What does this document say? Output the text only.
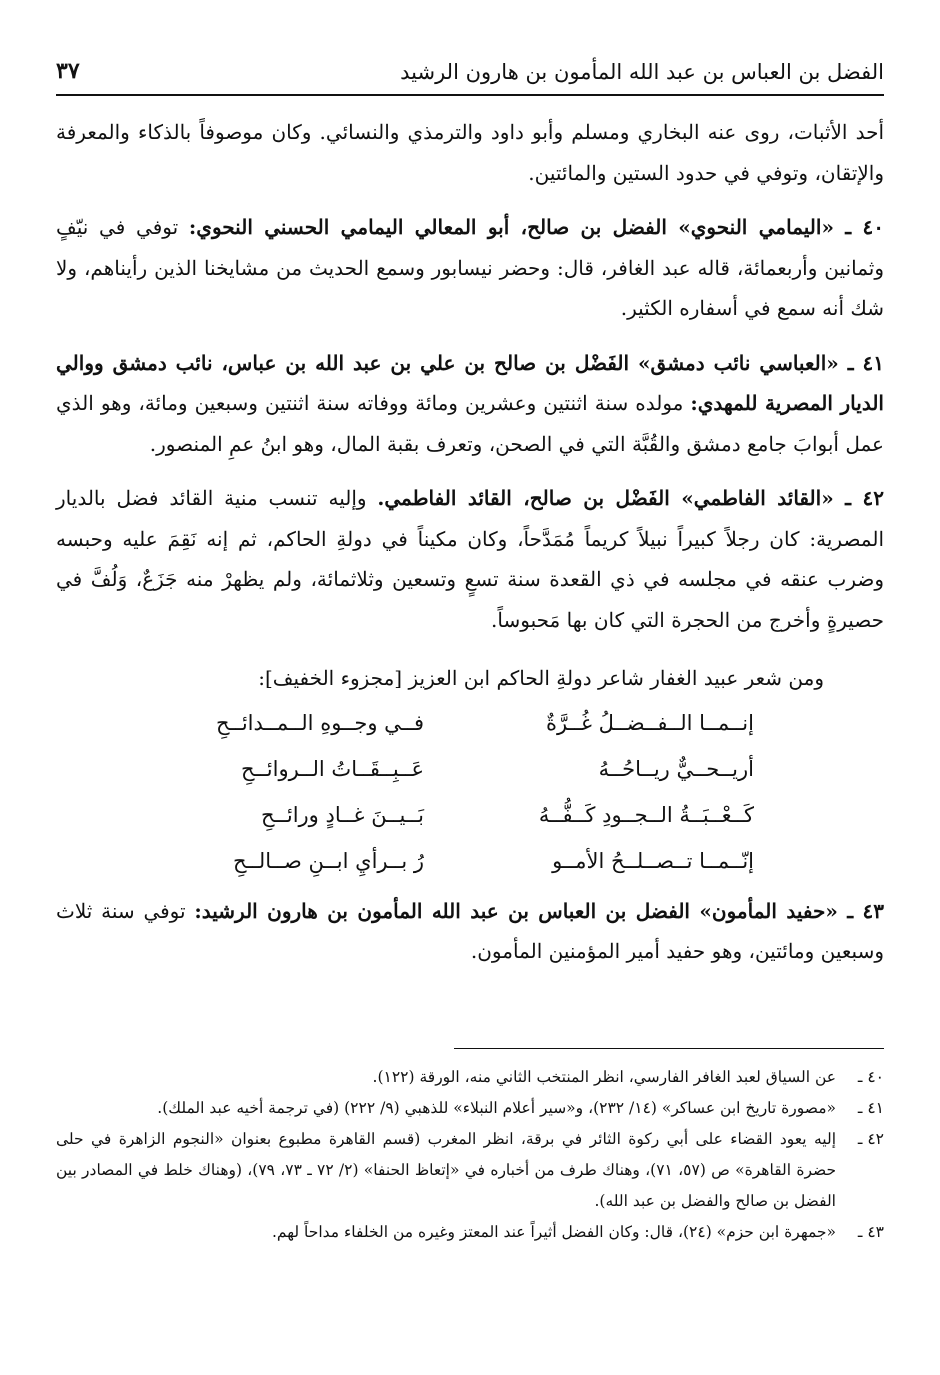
الفضل بن العباس بن عبد الله المأمون بن هارون الرشيد
٣٧

أحد الأثبات، روى عنه البخاري ومسلم وأبو داود والترمذي والنسائي. وكان موصوفاً بالذكاء والمعرفة والإتقان، وتوفي في حدود الستين والمائتين.

٤٠ ـ «اليمامي النحوي» الفضل بن صالح، أبو المعالي اليمامي الحسني النحوي: توفي في نيّفٍ وثمانين وأربعمائة، قاله عبد الغافر، قال: وحضر نيسابور وسمع الحديث من مشايخنا الذين رأيناهم، ولا شك أنه سمع في أسفاره الكثير.

٤١ ـ «العباسي نائب دمشق» الفَضْل بن صالح بن علي بن عبد الله بن عباس، نائب دمشق ووالي الديار المصرية للمهدي: مولده سنة اثنتين وعشرين ومائة ووفاته سنة اثنتين وسبعين ومائة، وهو الذي عمل أبوابَ جامع دمشق والقُبَّة التي في الصحن، وتعرف بقبة المال، وهو ابنُ عمِ المنصور.

٤٢ ـ «القائد الفاطمي» الفَضْل بن صالح، القائد الفاطمي. وإليه تنسب منية القائد فضل بالديار المصرية: كان رجلاً كبيراً نبيلاً كريماً مُمَدَّحاً، وكان مكيناً في دولةِ الحاكم، ثم إنه نَقِمَ عليه وحبسه وضرب عنقه في مجلسه في ذي القعدة سنة تسعٍ وتسعين وثلاثمائة، ولم يظهرْ منه جَزَعٌ، وَلُفَّ في حصيرةٍ وأخرج من الحجرة التي كان بها مَحبوساً.

ومن شعر عبيد الغفار شاعر دولةِ الحاكم ابن العزيز [مجزوء الخفيف]:

إنــمــا الــفــضــلُ غُــرَّةٌ
فــي وجــوهِ الــمــدائــحِ
أريــحــيٌّ ريــاحُــهُ
عَــبِــقَــاتُ الــروائــحِ
كَــعْــبَــةُ الــجــودِ كَــفُّــهُ
بَــيــنَ غــادٍ ورائــحِ
إنّــمــا تــصــلــحُ الأمــو
رُ بــرأيِ ابــنِ صــالــحِ

٤٣ ـ «حفيد المأمون» الفضل بن العباس بن عبد الله المأمون بن هارون الرشيد: توفي سنة ثلاث وسبعين ومائتين، وهو حفيد أمير المؤمنين المأمون.

٤٠ ـ
عن السياق لعبد الغافر الفارسي، انظر المنتخب الثاني منه، الورقة (١٢٢).

٤١ ـ
«مصورة تاريخ ابن عساكر» (١٤/ ٢٣٢)، و«سير أعلام النبلاء» للذهبي (٩/ ٢٢٢) (في ترجمة أخيه عبد الملك).

٤٢ ـ
إليه يعود القضاء على أبي ركوة الثائر في برقة، انظر المغرب (قسم القاهرة مطبوع بعنوان «النجوم الزاهرة في حلى حضرة القاهرة» ص (٥٧، ٧١)، وهناك طرف من أخباره في «إتعاظ الحنفا» (٢/ ٧٢ ـ ٧٣، ٧٩)، (وهناك خلط في المصادر بين الفضل بن صالح والفضل بن عبد الله).

٤٣ ـ
«جمهرة ابن حزم» (٢٤)، قال: وكان الفضل أثيراً عند المعتز وغيره من الخلفاء مداحاً لهم.
